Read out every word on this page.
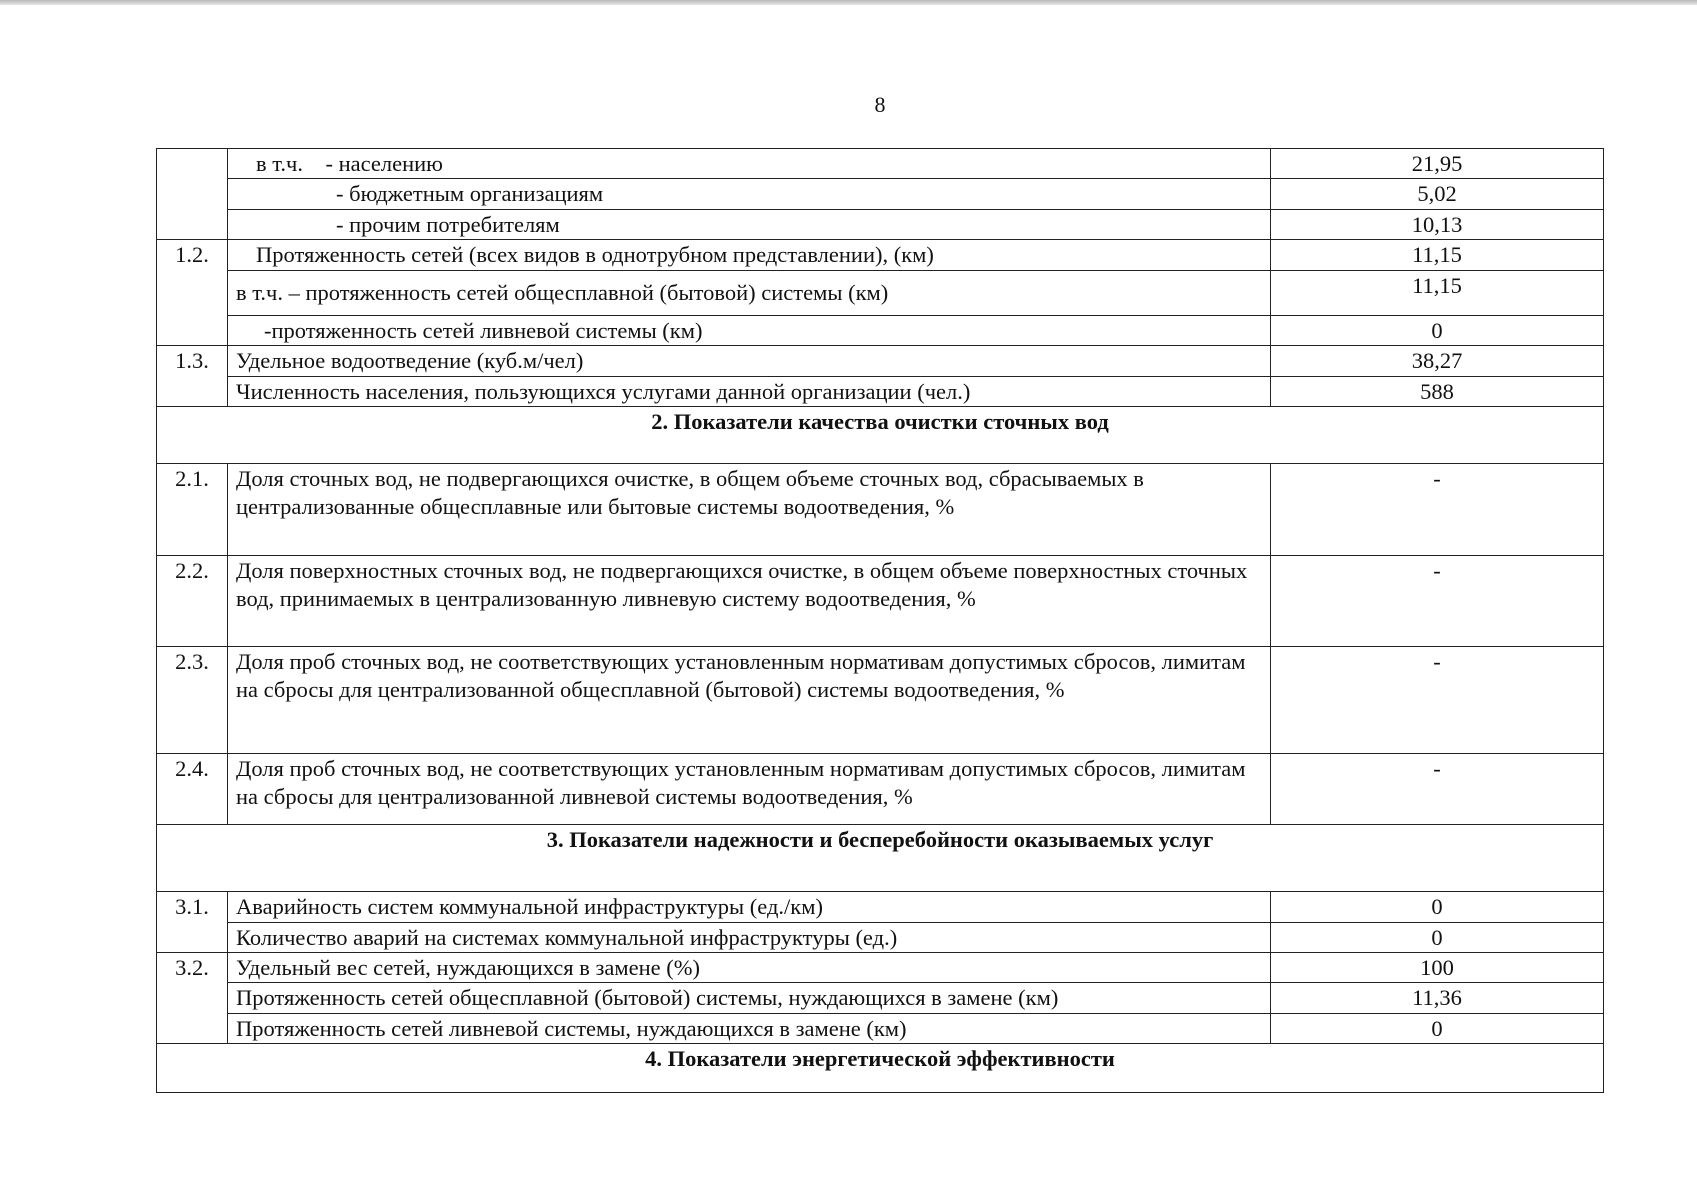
8
	в т.ч.    - населению	21,95
	- бюджетным организациям	5,02
	- прочим потребителям	10,13
1.2.	Протяженность сетей (всех видов в однотрубном представлении), (км)	11,15
	в т.ч. – протяженность сетей общесплавной (бытовой) системы (км)	11,15
	-протяженность сетей ливневой системы (км)	0
1.3.	Удельное водоотведение (куб.м/чел)	38,27
	Численность населения, пользующихся услугами данной организации (чел.)	588
2. Показатели качества очистки сточных вод		
2.1.	Доля сточных вод, не подвергающихся очистке, в общем объеме сточных вод, сбрасываемых в централизованные общесплавные или бытовые системы водоотведения, %	-
2.2.	Доля поверхностных сточных вод, не подвергающихся очистке, в общем объеме поверхностных сточных вод, принимаемых в централизованную ливневую систему водоотведения, %	-
2.3.	Доля проб сточных вод, не соответствующих установленным нормативам допустимых сбросов, лимитам на сбросы для централизованной общесплавной (бытовой) системы водоотведения, %	-
2.4.	Доля проб сточных вод, не соответствующих установленным нормативам допустимых сбросов, лимитам на сбросы для централизованной ливневой системы водоотведения, %	-
3. Показатели надежности и бесперебойности оказываемых услуг		
3.1.	Аварийность систем коммунальной инфраструктуры (ед./км)	0
	Количество аварий на системах коммунальной инфраструктуры (ед.)	0
3.2.	Удельный вес сетей, нуждающихся в замене (%)	100
	Протяженность сетей общесплавной (бытовой) системы, нуждающихся в замене (км)	11,36
	Протяженность сетей ливневой системы, нуждающихся в замене (км)	0
4. Показатели энергетической эффективности		
